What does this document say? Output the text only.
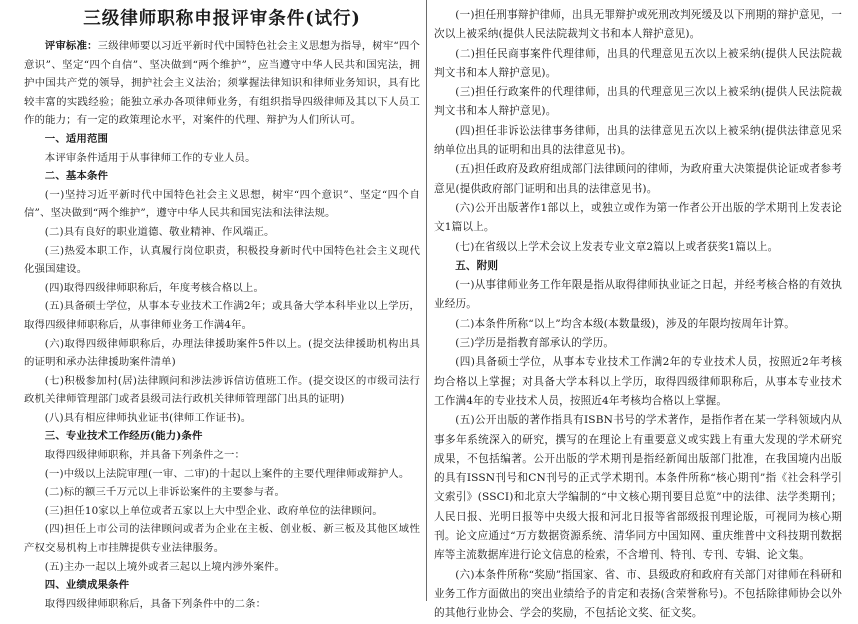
三级律师职称申报评审条件(试行)

评审标准：三级律师要以习近平新时代中国特色社会主义思想为指导，树牢“四个意识”、坚定“四个自信”、坚决做到“两个维护”，应当遵守中华人民共和国宪法，拥护中国共产党的领导，拥护社会主义法治；须掌握法律知识和律师业务知识，具有比较丰富的实践经验；能独立承办各项律师业务，有组织指导四级律师及其以下人员工作的能力；有一定的政策理论水平，对案件的代理、辩护为人们所认可。

一、适用范围

本评审条件适用于从事律师工作的专业人员。

二、基本条件

(一)坚持习近平新时代中国特色社会主义思想，树牢“四个意识”、坚定“四个自信”、坚决做到“两个维护”，遵守中华人民共和国宪法和法律法规。

(二)具有良好的职业道德、敬业精神、作风端正。

(三)热爱本职工作，认真履行岗位职责，积极投身新时代中国特色社会主义现代化强国建设。

(四)取得四级律师职称后，年度考核合格以上。

(五)具备硕士学位，从事本专业技术工作满2年；或具备大学本科毕业以上学历，取得四级律师职称后，从事律师业务工作满4年。

(六)取得四级律师职称后，办理法律援助案件5件以上。(提交法律援助机构出具的证明和承办法律援助案件清单)

(七)积极参加村(居)法律顾问和涉法涉诉信访值班工作。(提交设区的市级司法行政机关律师管理部门或者县级司法行政机关律师管理部门出具的证明)

(八)具有相应律师执业证书(律师工作证书)。

三、专业技术工作经历(能力)条件

取得四级律师职称，并具备下列条件之一：

(一)中级以上法院审理(一审、二审)的十起以上案件的主要代理律师或辩护人。

(二)标的额三千万元以上非诉讼案件的主要参与者。

(三)担任10家以上单位或者五家以上大中型企业、政府单位的法律顾问。

(四)担任上市公司的法律顾问或者为企业在主板、创业板、新三板及其他区域性产权交易机构上市挂牌提供专业法律服务。

(五)主办一起以上境外或者三起以上境内涉外案件。

四、业绩成果条件

取得四级律师职称后，具备下列条件中的二条：

(一)担任刑事辩护律师，出具无罪辩护或死刑改判死缓及以下刑期的辩护意见，一次以上被采纳(提供人民法院裁判文书和本人辩护意见)。

(二)担任民商事案件代理律师，出具的代理意见五次以上被采纳(提供人民法院裁判文书和本人辩护意见)。

(三)担任行政案件的代理律师，出具的代理意见三次以上被采纳(提供人民法院裁判文书和本人辩护意见)。

(四)担任非诉讼法律事务律师，出具的法律意见五次以上被采纳(提供法律意见采纳单位出具的证明和出具的法律意见书)。

(五)担任政府及政府组成部门法律顾问的律师，为政府重大决策提供论证或者参考意见(提供政府部门证明和出具的法律意见书)。

(六)公开出版著作1部以上，或独立或作为第一作者公开出版的学术期刊上发表论文1篇以上。

(七)在省级以上学术会议上发表专业文章2篇以上或者获奖1篇以上。

五、附则

(一)从事律师业务工作年限是指从取得律师执业证之日起，并经考核合格的有效执业经历。

(二)本条件所称“以上”均含本级(本数量级)，涉及的年限均按周年计算。

(三)学历是指教育部承认的学历。

(四)具备硕士学位，从事本专业技术工作满2年的专业技术人员，按照近2年考核均合格以上掌握；对具备大学本科以上学历，取得四级律师职称后，从事本专业技术工作满4年的专业技术人员，按照近4年考核均合格以上掌握。

(五)公开出版的著作指具有ISBN书号的学术著作，是指作者在某一学科领域内从事多年系统深入的研究，撰写的在理论上有重要意义或实践上有重大发现的学术研究成果，不包括编著。公开出版的学术期刊是指经新闻出版部门批准，在我国境内出版的具有ISSN刊号和CN刊号的正式学术期刊。本条件所称“核心期刊”指《社会科学引文索引》(SSCI)和北京大学编制的“中文核心期刊要目总览”中的法律、法学类期刊；人民日报、光明日报等中央级大报和河北日报等省部级报刊理论版，可视同为核心期刊。论文应通过“万方数据资源系统、清华同方中国知网、重庆维普中文科技期刊数据库等主流数据库进行论文信息的检索，不含增刊、特刊、专刊、专辑、论文集。

(六)本条件所称“奖励”指国家、省、市、县级政府和政府有关部门对律师在科研和业务工作方面做出的突出业绩给予的肯定和表扬(含荣誉称号)。不包括除律师协会以外的其他行业协会、学会的奖励，不包括论文奖、征文奖。
